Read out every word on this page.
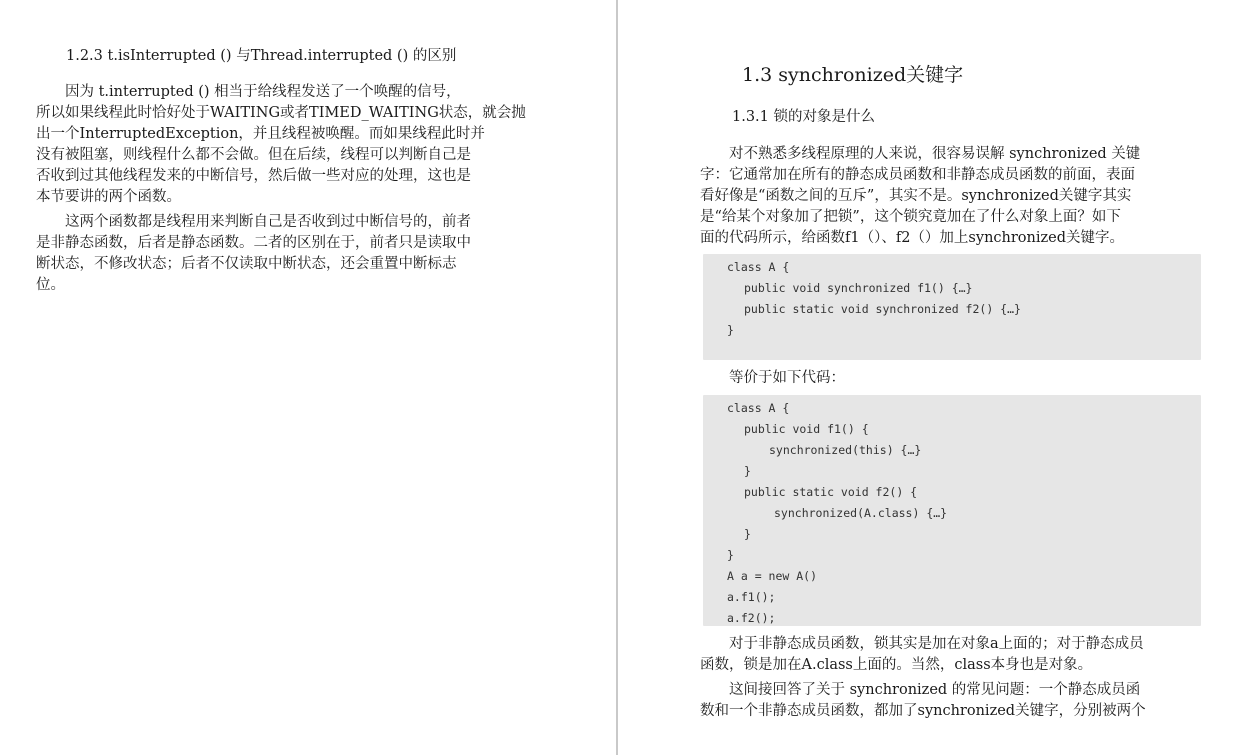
1.2.3 t.isInterrupted () 与Thread.interrupted () 的区别
　　因为 t.interrupted () 相当于给线程发送了一个唤醒的信号，
所以如果线程此时恰好处于WAITING或者TIMED_WAITING状态，就会抛
出一个InterruptedException，并且线程被唤醒。而如果线程此时并
没有被阻塞，则线程什么都不会做。但在后续，线程可以判断自己是
否收到过其他线程发来的中断信号，然后做一些对应的处理，这也是
本节要讲的两个函数。
　　这两个函数都是线程用来判断自己是否收到过中断信号的，前者
是非静态函数，后者是静态函数。二者的区别在于，前者只是读取中
断状态，不修改状态；后者不仅读取中断状态，还会重置中断标志
位。
1.3 synchronized关键字
1.3.1 锁的对象是什么
　　对不熟悉多线程原理的人来说，很容易误解 synchronized 关键
字：它通常加在所有的静态成员函数和非静态成员函数的前面，表面
看好像是“函数之间的互斥”，其实不是。synchronized关键字其实
是“给某个对象加了把锁”，这个锁究竟加在了什么对象上面？如下
面的代码所示，给函数f1（）、f2（）加上synchronized关键字。
class A {
public void synchronized f1() {…}
public static void synchronized f2() {…}
}
　　等价于如下代码：
class A {
public void f1() {
synchronized(this) {…}
}
public static void f2() {
synchronized(A.class) {…}
}
}
A a = new A()
a.f1();
a.f2();
　　对于非静态成员函数，锁其实是加在对象a上面的；对于静态成员
函数，锁是加在A.class上面的。当然，class本身也是对象。
　　这间接回答了关于 synchronized 的常见问题：一个静态成员函
数和一个非静态成员函数，都加了synchronized关键字，分别被两个
